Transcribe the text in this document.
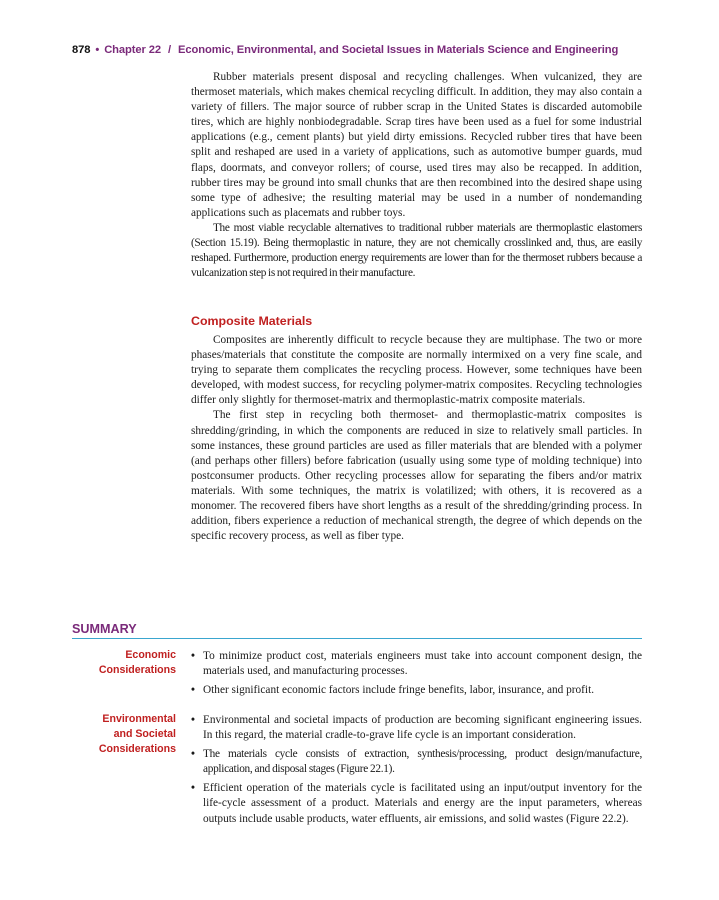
878 • Chapter 22 / Economic, Environmental, and Societal Issues in Materials Science and Engineering

Rubber materials present disposal and recycling challenges. When vulcanized, they are thermoset materials, which makes chemical recycling difficult. In addition, they may also contain a variety of fillers. The major source of rubber scrap in the United States is discarded automobile tires, which are highly nonbiodegradable. Scrap tires have been used as a fuel for some industrial applications (e.g., cement plants) but yield dirty emissions. Recycled rubber tires that have been split and reshaped are used in a variety of applications, such as automotive bumper guards, mud flaps, doormats, and conveyor rollers; of course, used tires may also be recapped. In addition, rubber tires may be ground into small chunks that are then recombined into the desired shape using some type of adhesive; the resulting material may be used in a number of nondemanding applications such as placemats and rubber toys.

The most viable recyclable alternatives to traditional rubber materials are thermoplastic elastomers (Section 15.19). Being thermoplastic in nature, they are not chemically crosslinked and, thus, are easily reshaped. Furthermore, production energy requirements are lower than for the thermoset rubbers because a vulcanization step is not required in their manufacture.

Composite Materials

Composites are inherently difficult to recycle because they are multiphase. The two or more phases/materials that constitute the composite are normally intermixed on a very fine scale, and trying to separate them complicates the recycling process. However, some techniques have been developed, with modest success, for recycling polymer-matrix composites. Recycling technologies differ only slightly for thermoset-matrix and thermoplastic-matrix composite materials.

The first step in recycling both thermoset- and thermoplastic-matrix composites is shredding/grinding, in which the components are reduced in size to relatively small particles. In some instances, these ground particles are used as filler materials that are blended with a polymer (and perhaps other fillers) before fabrication (usually using some type of molding technique) into postconsumer products. Other recycling processes allow for separating the fibers and/or matrix materials. With some techniques, the matrix is volatilized; with others, it is recovered as a monomer. The recovered fibers have short lengths as a result of the shredding/grinding process. In addition, fibers experience a reduction of mechanical strength, the degree of which depends on the specific recovery process, as well as fiber type.

SUMMARY
Economic
Considerations
• To minimize product cost, materials engineers must take into account component design, the materials used, and manufacturing processes.
• Other significant economic factors include fringe benefits, labor, insurance, and profit.
Environmental
and Societal
Considerations
• Environmental and societal impacts of production are becoming significant engineering issues. In this regard, the material cradle-to-grave life cycle is an important consideration.
• The materials cycle consists of extraction, synthesis/processing, product design/manufacture, application, and disposal stages (Figure 22.1).
• Efficient operation of the materials cycle is facilitated using an input/output inventory for the life-cycle assessment of a product. Materials and energy are the input parameters, whereas outputs include usable products, water effluents, air emissions, and solid wastes (Figure 22.2).
